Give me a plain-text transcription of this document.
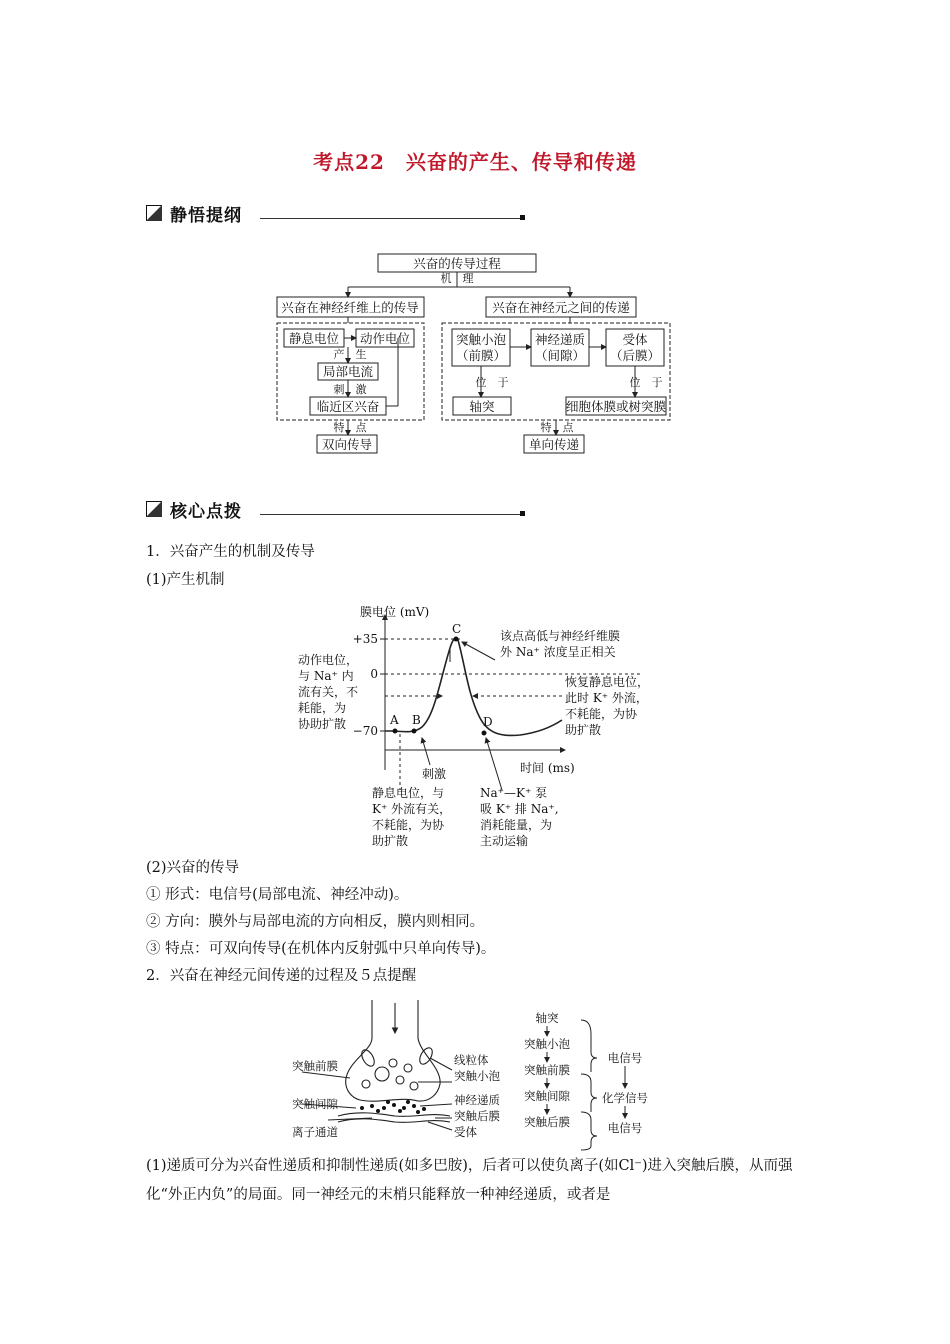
考点22　兴奋的产生、传导和传递
静悟提纲
兴奋的传导过程
机　理
兴奋在神经纤维上的传导	兴奋在神经元之间的传递
静息电位 动作电位
产　生
局部电流
刺　激
临近区兴奋
特　点
双向传导
突触小泡
（前膜）
神经递质
（间隙）
受体
（后膜）
位　于	位　于
轴突	细胞体膜或树突膜
特　点
单向传递
核心点拨
1．兴奋产生的机制及传导
(1)产生机制
膜电位 (mV)
时间 (ms)
+35
0
−70
A B
C
D
该点高低与神经纤维膜
外 Na⁺ 浓度呈正相关
动作电位，
与 Na⁺ 内
流有关，不
耗能，为
协助扩散
恢复静息电位，
此时 K⁺ 外流，
不耗能，为协
助扩散
刺激
静息电位，与
K⁺ 外流有关，
不耗能，为协
助扩散
Na⁺—K⁺ 泵
吸 K⁺ 排 Na⁺,
消耗能量，为
主动运输
(2)兴奋的传导
① 形式：电信号(局部电流、神经冲动)。
② 方向：膜外与局部电流的方向相反，膜内则相同。
③ 特点：可双向传导(在机体内反射弧中只单向传导)。
2．兴奋在神经元间传递的过程及５点提醒
突触前膜
突触间隙
离子通道
线粒体
突触小泡
神经递质
突触后膜
受体
轴突
突触小泡
突触前膜
突触间隙
突触后膜
电信号
化学信号
电信号
(1)递质可分为兴奋性递质和抑制性递质(如多巴胺)，后者可以使负离子(如Cl⁻)进入突触后膜，从而强化“外正内负”的局面。同一神经元的末梢只能释放一种神经递质，或者是
